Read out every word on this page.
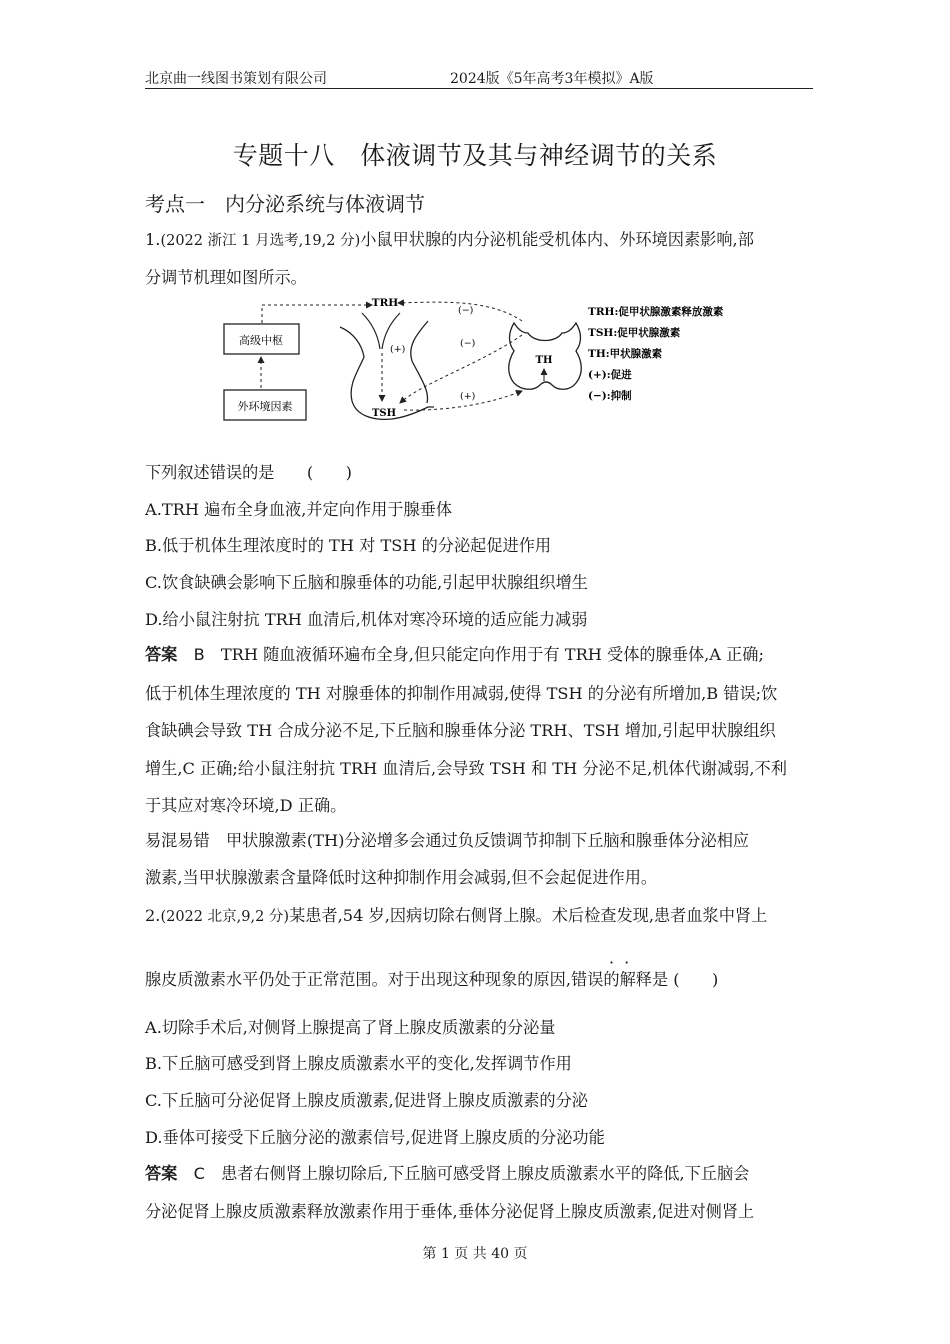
北京曲一线图书策划有限公司	2024版《5年高考3年模拟》A版
专题十八　体液调节及其与神经调节的关系
考点一　内分泌系统与体液调节
1.(2022 浙江 1 月选考,19,2 分)小鼠甲状腺的内分泌机能受机体内、外环境因素影响,部
分调节机理如图所示。
高级中枢
外环境因素
TRH
TSH
(+)
TH
(−)
(−)
(+)
TRH:促甲状腺激素释放激素
TSH:促甲状腺激素
TH:甲状腺激素
(+):促进
(−):抑制
下列叙述错误的是　　(　　)
A.TRH 遍布全身血液,并定向作用于腺垂体
B.低于机体生理浓度时的 TH 对 TSH 的分泌起促进作用
C.饮食缺碘会影响下丘脑和腺垂体的功能,引起甲状腺组织增生
D.给小鼠注射抗 TRH 血清后,机体对寒冷环境的适应能力减弱
答案　 B　 TRH 随血液循环遍布全身,但只能定向作用于有 TRH 受体的腺垂体,A 正确;
低于机体生理浓度的 TH 对腺垂体的抑制作用减弱,使得 TSH 的分泌有所增加,B 错误;饮
食缺碘会导致 TH 合成分泌不足,下丘脑和腺垂体分泌 TRH、TSH 增加,引起甲状腺组织
增生,C 正确;给小鼠注射抗 TRH 血清后,会导致 TSH 和 TH 分泌不足,机体代谢减弱,不利
于其应对寒冷环境,D 正确。
易混易错　 甲状腺激素(TH)分泌增多会通过负反馈调节抑制下丘脑和腺垂体分泌相应
激素,当甲状腺激素含量降低时这种抑制作用会减弱,但不会起促进作用。
2.(2022 北京,9,2 分)某患者,54 岁,因病切除右侧肾上腺。术后检查发现,患者血浆中肾上
··
腺皮质激素水平仍处于正常范围。对于出现这种现象的原因,错误的解释是 (　　)
A.切除手术后,对侧肾上腺提高了肾上腺皮质激素的分泌量
B.下丘脑可感受到肾上腺皮质激素水平的变化,发挥调节作用
C.下丘脑可分泌促肾上腺皮质激素,促进肾上腺皮质激素的分泌
D.垂体可接受下丘脑分泌的激素信号,促进肾上腺皮质的分泌功能
答案　 C　 患者右侧肾上腺切除后,下丘脑可感受肾上腺皮质激素水平的降低,下丘脑会
分泌促肾上腺皮质激素释放激素作用于垂体,垂体分泌促肾上腺皮质激素,促进对侧肾上
第 1 页 共 40 页
